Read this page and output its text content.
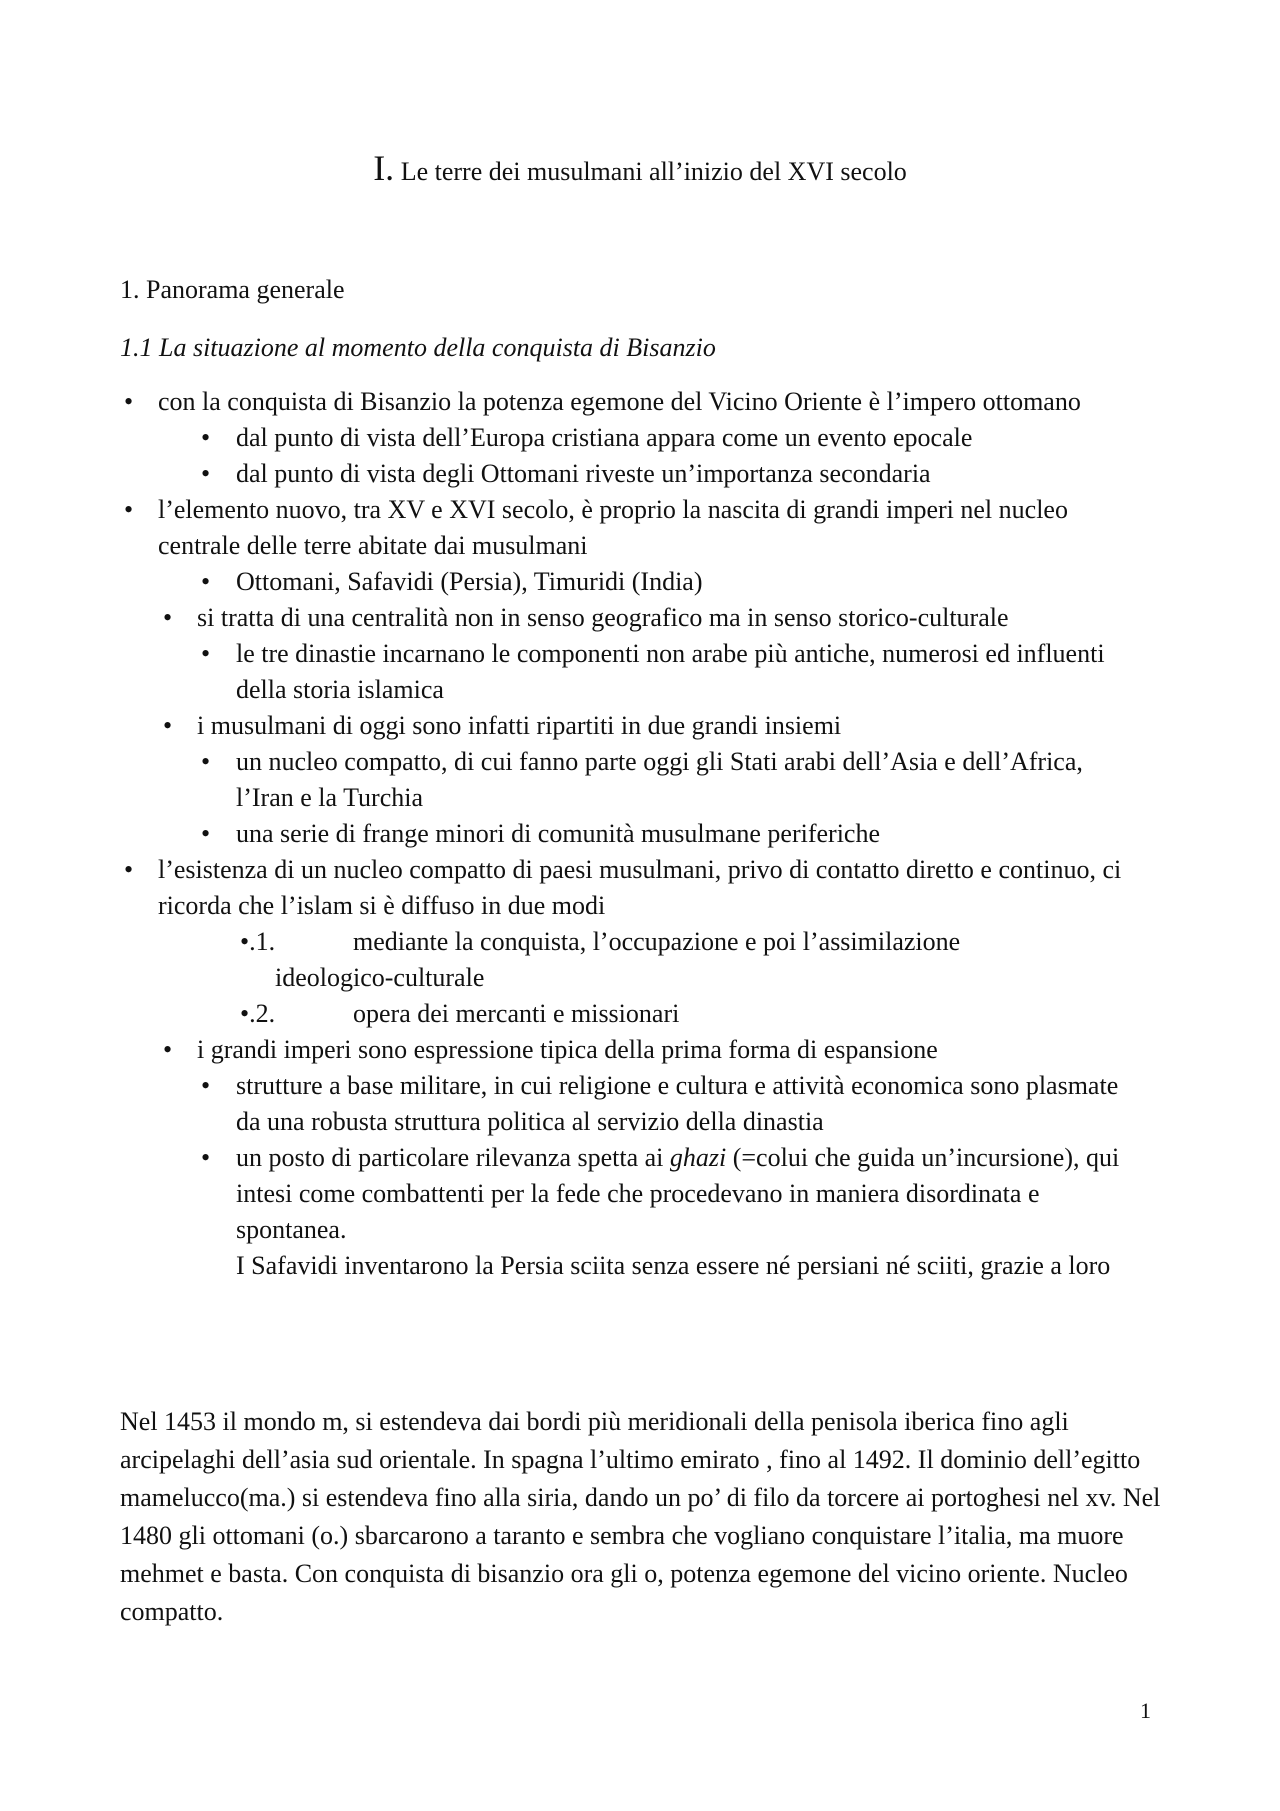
I. Le terre dei musulmani all’inizio del XVI secolo
1. Panorama generale
1.1 La situazione al momento della conquista di Bisanzio

• con la conquista di Bisanzio la potenza egemone del Vicino Oriente è l’impero ottomano

• dal punto di vista dell’Europa cristiana appara come un evento epocale

• dal punto di vista degli Ottomani riveste un’importanza secondaria

• l’elemento nuovo, tra XV e XVI secolo, è proprio la nascita di grandi imperi nel nucleo centrale delle terre abitate dai musulmani

• Ottomani, Safavidi (Persia), Timuridi (India)

• si tratta di una centralità non in senso geografico ma in senso storico-culturale

• le tre dinastie incarnano le componenti non arabe più antiche, numerosi ed influenti della storia islamica

• i musulmani di oggi sono infatti ripartiti in due grandi insiemi

• un nucleo compatto, di cui fanno parte oggi gli Stati arabi dell’Asia e dell’Africa, l’Iran e la Turchia

• una serie di frange minori di comunità musulmane periferiche

• l’esistenza di un nucleo compatto di paesi musulmani, privo di contatto diretto e continuo, ci ricorda che l’islam si è diffuso in due modi

•.1.	mediante la conquista, l’occupazione e poi l’assimilazione ideologico-culturale

•.2.	opera dei mercanti e missionari

• i grandi imperi sono espressione tipica della prima forma di espansione

• strutture a base militare, in cui religione e cultura e attività economica sono plasmate da una robusta struttura politica al servizio della dinastia

• un posto di particolare rilevanza spetta ai ghazi (=colui che guida un’incursione), qui intesi come combattenti per la fede che procedevano in maniera disordinata e spontanea.
I Safavidi inventarono la Persia sciita senza essere né persiani né sciiti, grazie a loro

Nel 1453 il mondo m, si estendeva dai bordi più meridionali della penisola iberica fino agli arcipelaghi dell’asia sud orientale. In spagna l’ultimo emirato , fino al 1492. Il dominio dell’egitto mamelucco(ma.) si estendeva fino alla siria, dando un po’ di filo da torcere ai portoghesi nel xv. Nel 1480 gli ottomani (o.) sbarcarono a taranto e sembra che vogliano conquistare l’italia, ma muore mehmet e basta. Con conquista di bisanzio ora gli o, potenza egemone del vicino oriente. Nucleo compatto.

1
